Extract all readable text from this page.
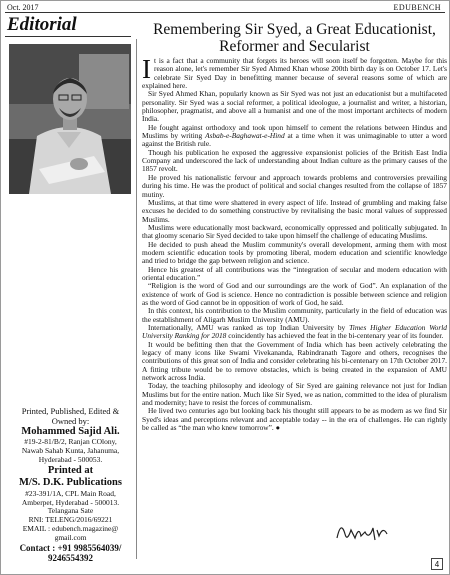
Oct. 2017	EDUBENCH
Editorial
Printed, Published, Edited &
Owned by:
Mohammed Sajid Ali.
#19-2-81/B/2, Ranjan COlony,
Nawab Sahab Kunta, Jahanuma,
Hyderabad - 500053.
Printed at
M/S. D.K. Publications
#23-391/1A, CPL Main Road,
Amberpet, Hyderabad - 500013.
Telangana Sate
RNI: TELENG/2016/69221
EMAIL : edubench.magazine@
gmail.com
Contact : +91 9985564039/
9246554392
Remembering Sir Syed, a Great Educationist, Reformer and Secularist

It is a fact that a community that forgets its heroes will soon itself be forgotten. Maybe for this reason alone, let's remember Sir Syed Ahmed Khan whose 200th birth day is on October 17. Let's celebrate Sir Syed Day in benefitting manner because of several reasons some of which are explained here.

Sir Syed Ahmed Khan, popularly known as Sir Syed was not just an educationist but a multifaceted personality. Sir Syed was a social reformer, a political ideologue, a journalist and writer, a historian, philosopher, pragmatist, and above all a humanist and one of the most important architects of modern India.

He fought against orthodoxy and took upon himself to cement the relations between Hindus and Muslims by writing Asbab-e-Baghawat-e-Hind at a time when it was unimaginable to utter a word against the British rule.

Though his publication he exposed the aggressive expansionist policies of the British East India Company and underscored the lack of understanding about Indian culture as the primary causes of the 1857 revolt.

He proved his nationalistic fervour and approach towards problems and controversies prevailing during his time. He was the product of political and social changes resulted from the collapse of 1857 mutiny.

Muslims, at that time were shattered in every aspect of life. Instead of grumbling and making false excuses he decided to do something constructive by revitalising the basic moral values of suppressed Muslims.

Muslims were educationally most backward, economically oppressed and politically subjugated. In that gloomy scenario Sir Syed decided to take upon himself the challenge of educating Muslims.

He decided to push ahead the Muslim community's overall development, arming them with most modern scientific education tools by promoting liberal, modern education and scientific knowledge and tried to bridge the gap between religion and science.

Hence his greatest of all contributions was the “integration of secular and modern education with oriental education.”

“Religion is the word of God and our surroundings are the work of God”. An explanation of the existence of work of God is science. Hence no contradiction is possible between science and religion as the word of God cannot be in opposition of work of God, he said.

In this context, his contribution to the Muslim community, particularly in the field of education was the establishment of Aligarh Muslim University (AMU).

Internationally, AMU was ranked as top Indian University by Times Higher Education World University Ranking for 2018 coincidently has achieved the feat in the bi-centenary year of its founder.

It would be befitting then that the Government of India which has been actively celebrating the legacy of many icons like Swami Vivekananda, Rabindranath Tagore and others, recognises the contributions of this great son of India and consider celebrating his bi-centenary on 17th October 2017. A fitting tribute would be to remove obstacles, which is being created in the expansion of AMU network across India.

Today, the teaching philosophy and ideology of Sir Syed are gaining relevance not just for Indian Muslims but for the entire nation. Much like Sir Syed, we as nation, committed to the idea of pluralism and modernity; have to resist the forces of communalism.

He lived two centuries ago but looking back his thought still appears to be as modern as we find Sir Syed's ideas and perceptions relevant and acceptable today -- in the era of challenges. He can rightly be called as “the man who knew tomorrow”. ●

4
